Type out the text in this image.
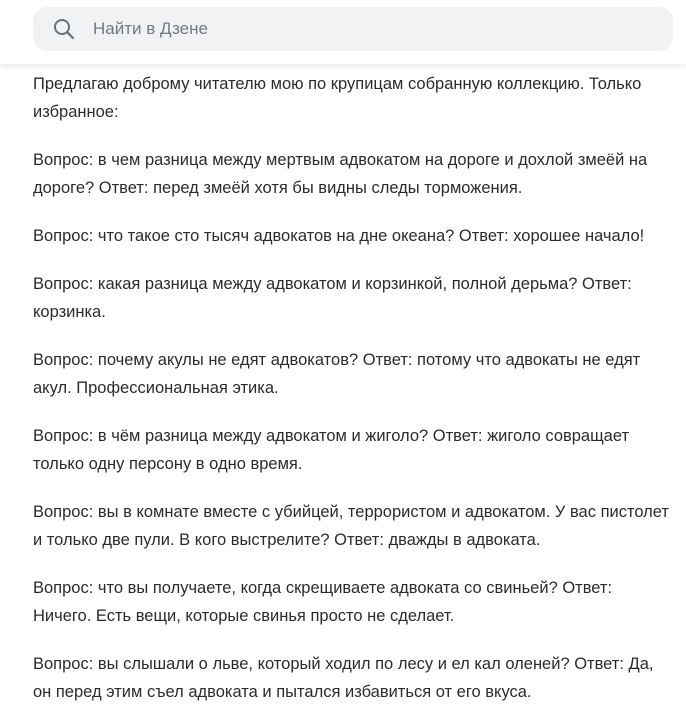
Найти в Дзене

Предлагаю доброму читателю мою по крупицам собранную коллекцию. Только избранное:

Вопрос: в чем разница между мертвым адвокатом на дороге и дохлой змеёй на дороге? Ответ: перед змеёй хотя бы видны следы торможения.

Вопрос: что такое сто тысяч адвокатов на дне океана? Ответ: хорошее начало!

Вопрос: какая разница между адвокатом и корзинкой, полной дерьма? Ответ: корзинка.

Вопрос: почему акулы не едят адвокатов? Ответ: потому что адвокаты не едят акул. Профессиональная этика.

Вопрос: в чём разница между адвокатом и жиголо? Ответ: жиголо совращает только одну персону в одно время.

Вопрос: вы в комнате вместе с убийцей, террористом и адвокатом. У вас пистолет и только две пули. В кого выстрелите? Ответ: дважды в адвоката.

Вопрос: что вы получаете, когда скрещиваете адвоката со свиньей? Ответ: Ничего. Есть вещи, которые свинья просто не сделает.

Вопрос: вы слышали о льве, который ходил по лесу и ел кал оленей? Ответ: Да, он перед этим съел адвоката и пытался избавиться от его вкуса.
